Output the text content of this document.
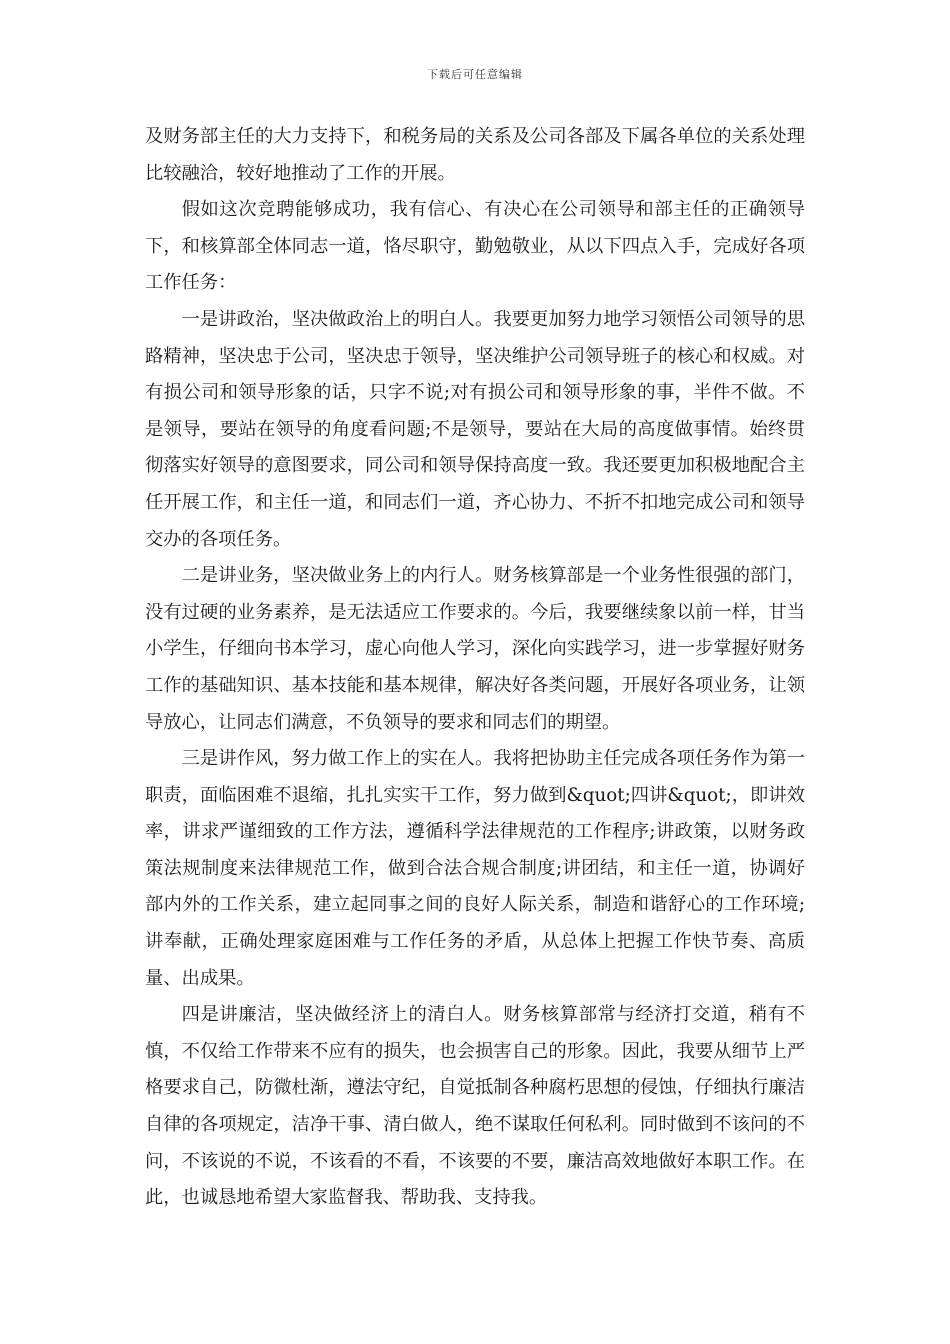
下载后可任意编辑

及财务部主任的大力支持下，和税务局的关系及公司各部及下属各单位的关系处理比较融洽，较好地推动了工作的开展。

假如这次竞聘能够成功，我有信心、有决心在公司领导和部主任的正确领导下，和核算部全体同志一道，恪尽职守，勤勉敬业，从以下四点入手，完成好各项工作任务：

一是讲政治，坚决做政治上的明白人。我要更加努力地学习领悟公司领导的思路精神，坚决忠于公司，坚决忠于领导，坚决维护公司领导班子的核心和权威。对有损公司和领导形象的话，只字不说;对有损公司和领导形象的事，半件不做。不是领导，要站在领导的角度看问题;不是领导，要站在大局的高度做事情。始终贯彻落实好领导的意图要求，同公司和领导保持高度一致。我还要更加积极地配合主任开展工作，和主任一道，和同志们一道，齐心协力、不折不扣地完成公司和领导交办的各项任务。

二是讲业务，坚决做业务上的内行人。财务核算部是一个业务性很强的部门，没有过硬的业务素养，是无法适应工作要求的。今后，我要继续象以前一样，甘当小学生，仔细向书本学习，虚心向他人学习，深化向实践学习，进一步掌握好财务工作的基础知识、基本技能和基本规律，解决好各类问题，开展好各项业务，让领导放心，让同志们满意，不负领导的要求和同志们的期望。

三是讲作风，努力做工作上的实在人。我将把协助主任完成各项任务作为第一职责，面临困难不退缩，扎扎实实干工作，努力做到&quot;四讲&quot;，即讲效率，讲求严谨细致的工作方法，遵循科学法律规范的工作程序;讲政策，以财务政策法规制度来法律规范工作，做到合法合规合制度;讲团结，和主任一道，协调好部内外的工作关系，建立起同事之间的良好人际关系，制造和谐舒心的工作环境;讲奉献，正确处理家庭困难与工作任务的矛盾，从总体上把握工作快节奏、高质量、出成果。

四是讲廉洁，坚决做经济上的清白人。财务核算部常与经济打交道，稍有不慎，不仅给工作带来不应有的损失，也会损害自己的形象。因此，我要从细节上严格要求自己，防微杜渐，遵法守纪，自觉抵制各种腐朽思想的侵蚀，仔细执行廉洁自律的各项规定，洁净干事、清白做人，绝不谋取任何私利。同时做到不该问的不问，不该说的不说，不该看的不看，不该要的不要，廉洁高效地做好本职工作。在此，也诚恳地希望大家监督我、帮助我、支持我。
